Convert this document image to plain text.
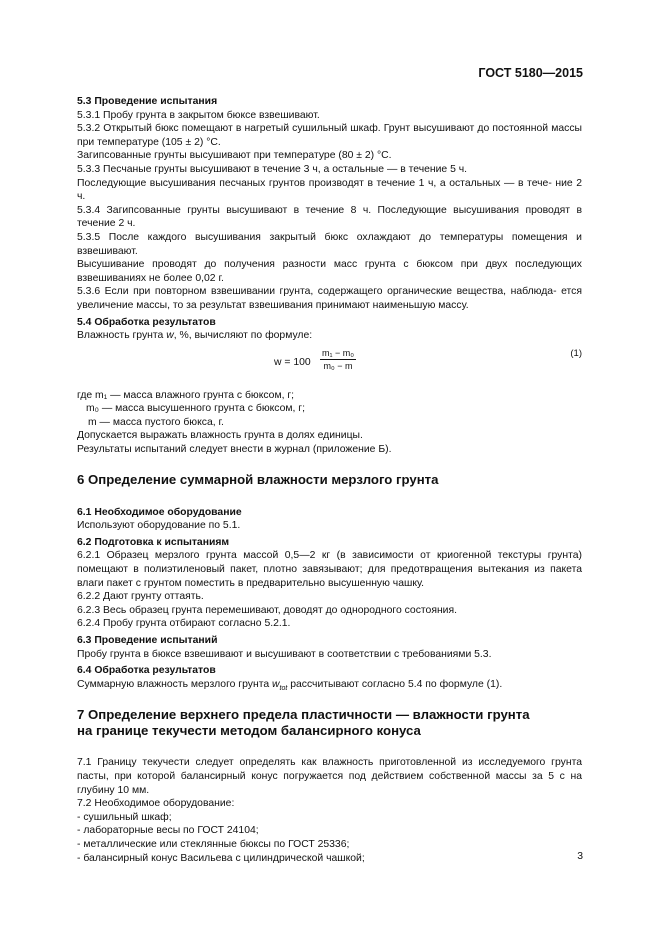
ГОСТ 5180—2015

5.3 Проведение испытания

5.3.1 Пробу грунта в закрытом бюксе взвешивают.

5.3.2 Открытый бюкс помещают в нагретый сушильный шкаф. Грунт высушивают до постоянной массы при температуре (105 ± 2) °С.

Загипсованные грунты высушивают при температуре (80 ± 2) °С.

5.3.3 Песчаные грунты высушивают в течение 3 ч, а остальные — в течение 5 ч.

Последующие высушивания песчаных грунтов производят в течение 1 ч, а остальных — в тече- ние 2 ч.

5.3.4 Загипсованные грунты высушивают в течение 8 ч. Последующие высушивания проводят в течение 2 ч.

5.3.5 После каждого высушивания закрытый бюкс охлаждают до температуры помещения и взвешивают.

Высушивание проводят до получения разности масс грунта с бюксом при двух последующих взвешиваниях не более 0,02 г.

5.3.6 Если при повторном взвешивании грунта, содержащего органические вещества, наблюда- ется увеличение массы, то за результат взвешивания принимают наименьшую массу.

5.4 Обработка результатов

Влажность грунта w, %, вычисляют по формуле:

$w = 100 \frac{\text{m₁ − m₀}}{\text{m₀ − m}}$	(1)

где m₁ — масса влажного грунта с бюксом, г;

m₀ — масса высушенного грунта с бюксом, г;

m — масса пустого бюкса, г.

Допускается выражать влажность грунта в долях единицы.

Результаты испытаний следует внести в журнал (приложение Б).

6 Определение суммарной влажности мерзлого грунта

6.1 Необходимое оборудование

Используют оборудование по 5.1.

6.2 Подготовка к испытаниям

6.2.1 Образец мерзлого грунта массой 0,5—2 кг (в зависимости от криогенной текстуры грунта) помещают в полиэтиленовый пакет, плотно завязывают; для предотвращения вытекания из пакета влаги пакет с грунтом поместить в предварительно высушенную чашку.

6.2.2 Дают грунту оттаять.

6.2.3 Весь образец грунта перемешивают, доводят до однородного состояния.

6.2.4 Пробу грунта отбирают согласно 5.2.1.

6.3 Проведение испытаний

Пробу грунта в бюксе взвешивают и высушивают в соответствии с требованиями 5.3.

6.4 Обработка результатов

Суммарную влажность мерзлого грунта $w_{tot}$ рассчитывают согласно 5.4 по формуле (1).

7 Определение верхнего предела пластичности — влажности грунта
на границе текучести методом балансирного конуса

7.1 Границу текучести следует определять как влажность приготовленной из исследуемого грунта пасты, при которой балансирный конус погружается под действием собственной массы за 5 с на глубину 10 мм.

7.2 Необходимое оборудование:

- сушильный шкаф;

- лабораторные весы по ГОСТ 24104;

- металлические или стеклянные бюксы по ГОСТ 25336;

- балансирный конус Васильева с цилиндрической чашкой;	3
